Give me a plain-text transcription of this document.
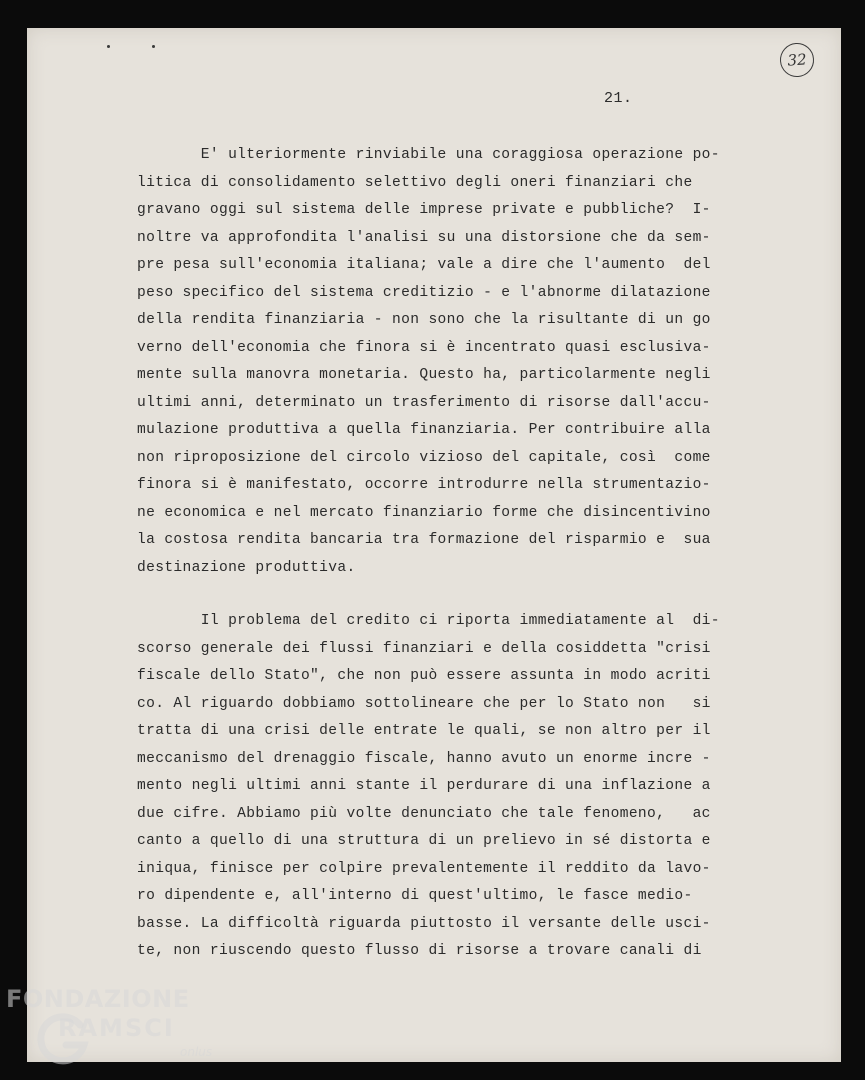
32
21.
E' ulteriormente rinviabile una coraggiosa operazione po-
litica di consolidamento selettivo degli oneri finanziari che
gravano oggi sul sistema delle imprese private e pubbliche?  I-
noltre va approfondita l'analisi su una distorsione che da sem-
pre pesa sull'economia italiana; vale a dire che l'aumento  del
peso specifico del sistema creditizio - e l'abnorme dilatazione
della rendita finanziaria - non sono che la risultante di un go
verno dell'economia che finora si è incentrato quasi esclusiva-
mente sulla manovra monetaria. Questo ha, particolarmente negli
ultimi anni, determinato un trasferimento di risorse dall'accu-
mulazione produttiva a quella finanziaria. Per contribuire alla
non riproposizione del circolo vizioso del capitale, così  come
finora si è manifestato, occorre introdurre nella strumentazio-
ne economica e nel mercato finanziario forme che disincentivino
la costosa rendita bancaria tra formazione del risparmio e  sua
destinazione produttiva.
Il problema del credito ci riporta immediatamente al  di-
scorso generale dei flussi finanziari e della cosiddetta "crisi
fiscale dello Stato", che non può essere assunta in modo acriti
co. Al riguardo dobbiamo sottolineare che per lo Stato non   si
tratta di una crisi delle entrate le quali, se non altro per il
meccanismo del drenaggio fiscale, hanno avuto un enorme incre -
mento negli ultimi anni stante il perdurare di una inflazione a
due cifre. Abbiamo più volte denunciato che tale fenomeno,   ac
canto a quello di una struttura di un prelievo in sé distorta e
iniqua, finisce per colpire prevalentemente il reddito da lavo-
ro dipendente e, all'interno di quest'ultimo, le fasce medio-
basse. La difficoltà riguarda piuttosto il versante delle usci-
te, non riuscendo questo flusso di risorse a trovare canali di
FONDAZIONE
RAMSCI
onlus
